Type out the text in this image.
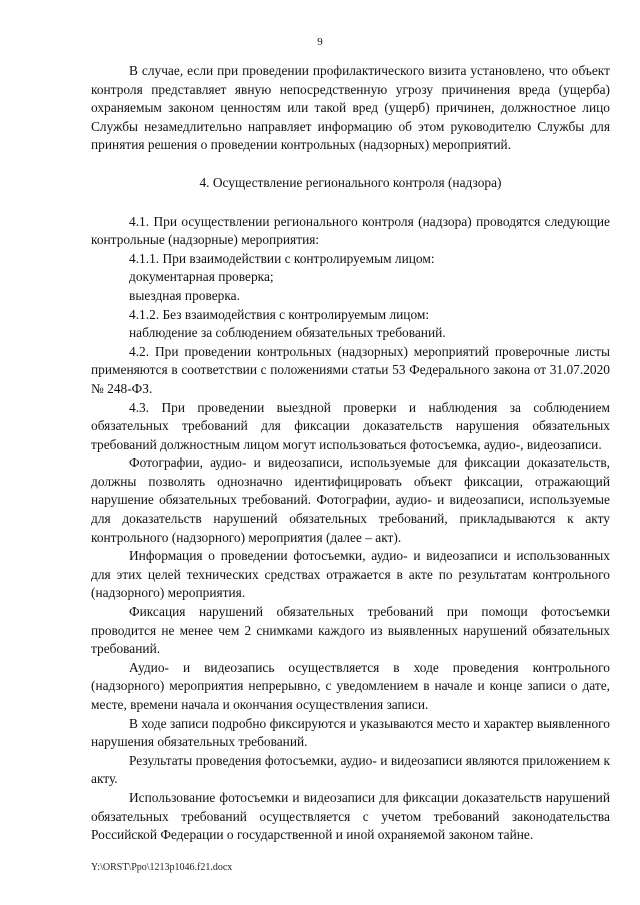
9

В случае, если при проведении профилактического визита установлено, что объект контроля представляет явную непосредственную угрозу причинения вреда (ущерба) охраняемым законом ценностям или такой вред (ущерб) причинен, должностное лицо Службы незамедлительно направляет информацию об этом руководителю Службы для принятия решения о проведении контрольных (надзорных) мероприятий.

4. Осуществление регионального контроля (надзора)

4.1. При осуществлении регионального контроля (надзора) проводятся следующие контрольные (надзорные) мероприятия:

4.1.1. При взаимодействии с контролируемым лицом:

документарная проверка;

выездная проверка.

4.1.2. Без взаимодействия с контролируемым лицом:

наблюдение за соблюдением обязательных требований.

4.2. При проведении контрольных (надзорных) мероприятий проверочные листы применяются в соответствии с положениями статьи 53 Федерального закона от 31.07.2020 № 248-ФЗ.

4.3. При проведении выездной проверки и наблюдения за соблюдением обязательных требований для фиксации доказательств нарушения обязательных требований должностным лицом могут использоваться фотосъемка, аудио-, видеозаписи.

Фотографии, аудио- и видеозаписи, используемые для фиксации доказательств, должны позволять однозначно идентифицировать объект фиксации, отражающий нарушение обязательных требований. Фотографии, аудио- и видеозаписи, используемые для доказательств нарушений обязательных требований, прикладываются к акту контрольного (надзорного) мероприятия (далее – акт).

Информация о проведении фотосъемки, аудио- и видеозаписи и использованных для этих целей технических средствах отражается в акте по результатам контрольного (надзорного) мероприятия.

Фиксация нарушений обязательных требований при помощи фотосъемки проводится не менее чем 2 снимками каждого из выявленных нарушений обязательных требований.

Аудио- и видеозапись осуществляется в ходе проведения контрольного (надзорного) мероприятия непрерывно, с уведомлением в начале и конце записи о дате, месте, времени начала и окончания осуществления записи.

В ходе записи подробно фиксируются и указываются место и характер выявленного нарушения обязательных требований.

Результаты проведения фотосъемки, аудио- и видеозаписи являются приложением к акту.

Использование фотосъемки и видеозаписи для фиксации доказательств нарушений обязательных требований осуществляется с учетом требований законодательства Российской Федерации о государственной и иной охраняемой законом тайне.

Y:\ORST\Ppo\1213p1046.f21.docx
